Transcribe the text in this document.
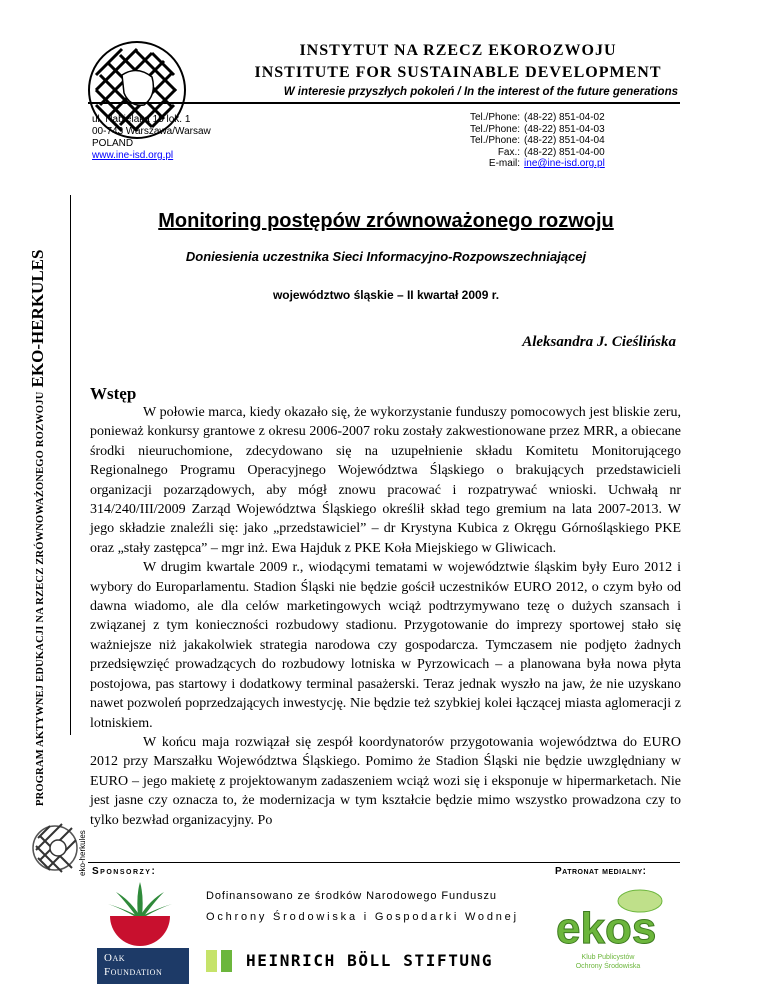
INSTYTUT NA RZECZ EKOROZWOJU
INSTITUTE FOR SUSTAINABLE DEVELOPMENT
W interesie przyszłych pokoleń / In the interest of the future generations
ul. Nabielaka 15 lok. 1
00-743 Warszawa/Warsaw
POLAND
www.ine-isd.org.pl
Tel./Phone:	(48-22) 851-04-02
Tel./Phone:	(48-22) 851-04-03
Tel./Phone:	(48-22) 851-04-04
Fax.:	(48-22) 851-04-00
E-mail:	ine@ine-isd.org.pl
PROGRAM AKTYWNEJ EDUKACJI NA RZECZ ZRÓWNOWAŻONEGO ROZWOJU EKO-HERKULES
eko-herkules
Monitoring postępów zrównoważonego rozwoju
Doniesienia uczestnika Sieci Informacyjno-Rozpowszechniającej
województwo śląskie – II kwartał 2009 r.
Aleksandra J. Cieślińska
Wstęp

W połowie marca, kiedy okazało się, że wykorzystanie funduszy pomocowych jest bliskie zeru, ponieważ konkursy grantowe z okresu 2006-2007 roku zostały zakwestionowane przez MRR, a obiecane środki nieuruchomione, zdecydowano się na uzupełnienie składu Komitetu Monitorującego Regionalnego Programu Operacyjnego Województwa Śląskiego o brakujących przedstawicieli organizacji pozarządowych, aby mógł znowu pracować i rozpatrywać wnioski. Uchwałą nr 314/240/III/2009 Zarząd Województwa Śląskiego określił skład tego gremium na lata 2007-2013. W jego składzie znaleźli się: jako „przedstawiciel” – dr Krystyna Kubica z Okręgu Górnośląskiego PKE oraz „stały zastępca” – mgr inż. Ewa Hajduk z PKE Koła Miejskiego w Gliwicach.

W drugim kwartale 2009 r., wiodącymi tematami w województwie śląskim były Euro 2012 i wybory do Europarlamentu. Stadion Śląski nie będzie gościł uczestników EURO 2012, o czym było od dawna wiadomo, ale dla celów marketingowych wciąż podtrzymywano tezę o dużych szansach i związanej z tym konieczności rozbudowy stadionu. Przygotowanie do imprezy sportowej stało się ważniejsze niż jakakolwiek strategia narodowa czy gospodarcza. Tymczasem nie podjęto żadnych przedsięwzięć prowadzących do rozbudowy lotniska w Pyrzowicach – a planowana była nowa płyta postojowa, pas startowy i dodatkowy terminal pasażerski. Teraz jednak wyszło na jaw, że nie uzyskano nawet pozwoleń poprzedzających inwestycję. Nie będzie też szybkiej kolei łączącej miasta aglomeracji z lotniskiem.

W końcu maja rozwiązał się zespół koordynatorów przygotowania województwa do EURO 2012 przy Marszałku Województwa Śląskiego. Pomimo że Stadion Śląski nie będzie uwzględniany w EURO – jego makietę z projektowanym zadaszeniem wciąż wozi się i eksponuje w hipermarketach. Nie jest jasne czy oznacza to, że modernizacja w tym kształcie będzie mimo wszystko prowadzona czy to tylko bezwład organizacyjny. Po

Sponsorzy:	Patronat medialny:
Dofinansowano ze środków Narodowego Funduszu
Ochrony Środowiska i Gospodarki Wodnej
Oak
Foundation
HEINRICH BÖLL STIFTUNG
ekos
Klub Publicystów
Ochrony Środowiska
